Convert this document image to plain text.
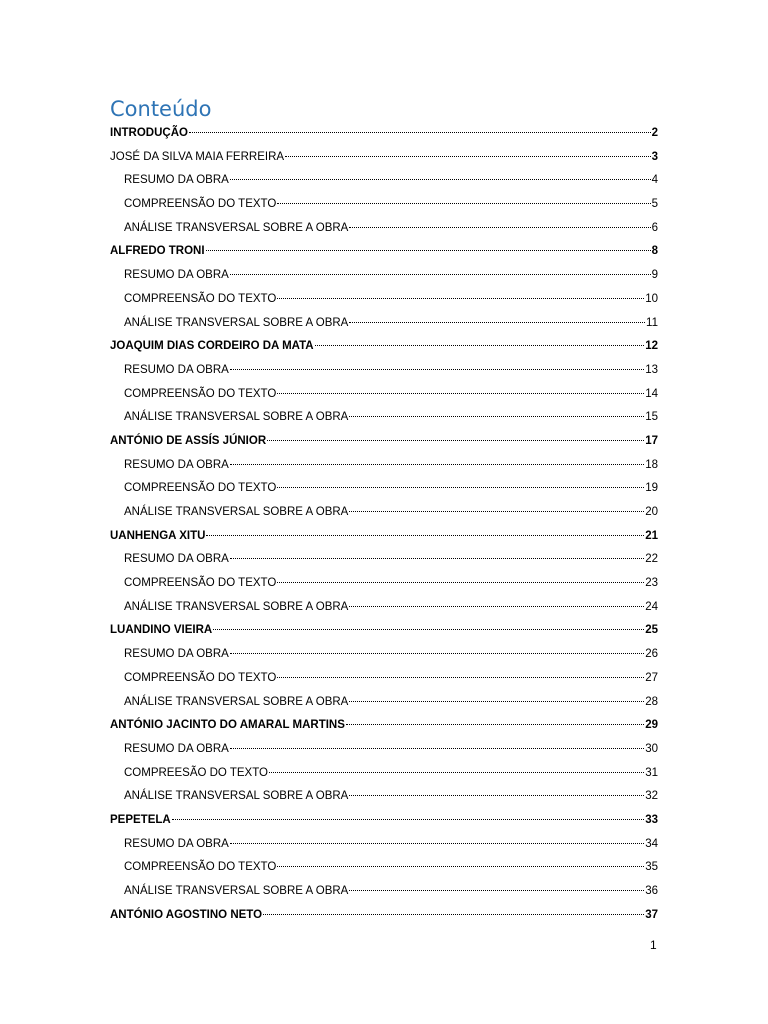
Conteúdo
INTRODUÇÃO	2
JOSÉ DA SILVA MAIA FERREIRA	3
RESUMO DA OBRA	4
COMPREENSÃO DO TEXTO	5
ANÁLISE TRANSVERSAL SOBRE A OBRA	6
ALFREDO TRONI	8
RESUMO DA OBRA	9
COMPREENSÃO DO TEXTO	10
ANÁLISE TRANSVERSAL SOBRE A OBRA	11
JOAQUIM DIAS CORDEIRO DA MATA	12
RESUMO DA OBRA	13
COMPREENSÃO DO TEXTO	14
ANÁLISE TRANSVERSAL SOBRE A OBRA	15
ANTÓNIO DE ASSÍS JÚNIOR	17
RESUMO DA OBRA	18
COMPREENSÃO DO TEXTO	19
ANÁLISE TRANSVERSAL SOBRE A OBRA	20
UANHENGA XITU	21
RESUMO DA OBRA	22
COMPREENSÃO DO TEXTO	23
ANÁLISE TRANSVERSAL SOBRE A OBRA	24
LUANDINO VIEIRA	25
RESUMO DA OBRA	26
COMPREENSÃO DO TEXTO	27
ANÁLISE TRANSVERSAL SOBRE A OBRA	28
ANTÓNIO JACINTO DO AMARAL MARTINS	29
RESUMO DA OBRA	30
COMPREESÃO DO TEXTO	31
ANÁLISE TRANSVERSAL SOBRE A OBRA	32
PEPETELA	33
RESUMO DA OBRA	34
COMPREENSÃO DO TEXTO	35
ANÁLISE TRANSVERSAL SOBRE A OBRA	36
ANTÓNIO AGOSTINO NETO	37
1
